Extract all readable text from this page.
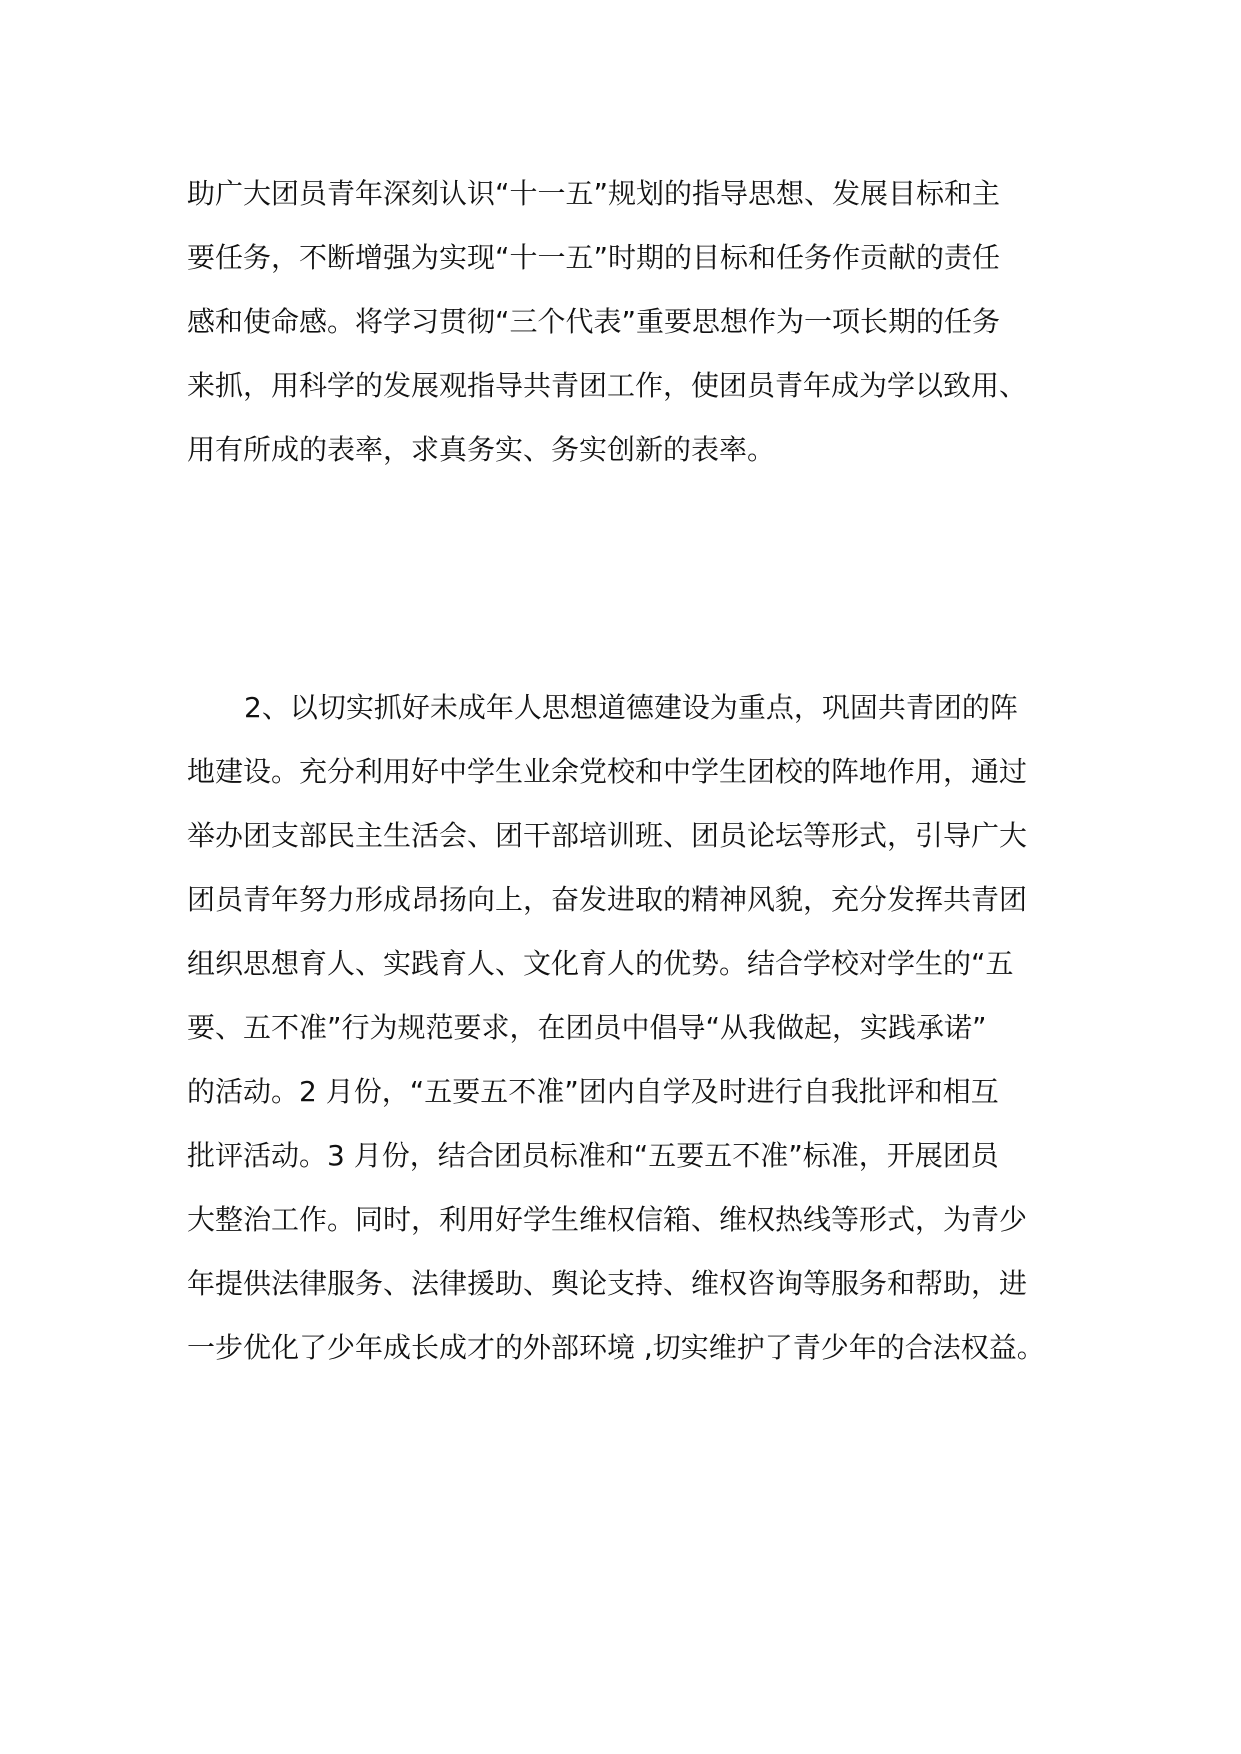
助广大团员青年深刻认识“十一五”规划的指导思想、发展目标和主
要任务，不断增强为实现“十一五”时期的目标和任务作贡献的责任
感和使命感。将学习贯彻“三个代表”重要思想作为一项长期的任务
来抓，用科学的发展观指导共青团工作，使团员青年成为学以致用、
用有所成的表率，求真务实、务实创新的表率。
2、以切实抓好未成年人思想道德建设为重点，巩固共青团的阵
地建设。充分利用好中学生业余党校和中学生团校的阵地作用，通过
举办团支部民主生活会、团干部培训班、团员论坛等形式，引导广大
团员青年努力形成昂扬向上，奋发进取的精神风貌，充分发挥共青团
组织思想育人、实践育人、文化育人的优势。结合学校对学生的“五
要、五不准”行为规范要求，在团员中倡导“从我做起，实践承诺”
的活动。2 月份，“五要五不准”团内自学及时进行自我批评和相互
批评活动。3 月份，结合团员标准和“五要五不准”标准，开展团员
大整治工作。同时，利用好学生维权信箱、维权热线等形式，为青少
年提供法律服务、法律援助、舆论支持、维权咨询等服务和帮助，进
一步优化了少年成长成才的外部环境 ,切实维护了青少年的合法权益。
